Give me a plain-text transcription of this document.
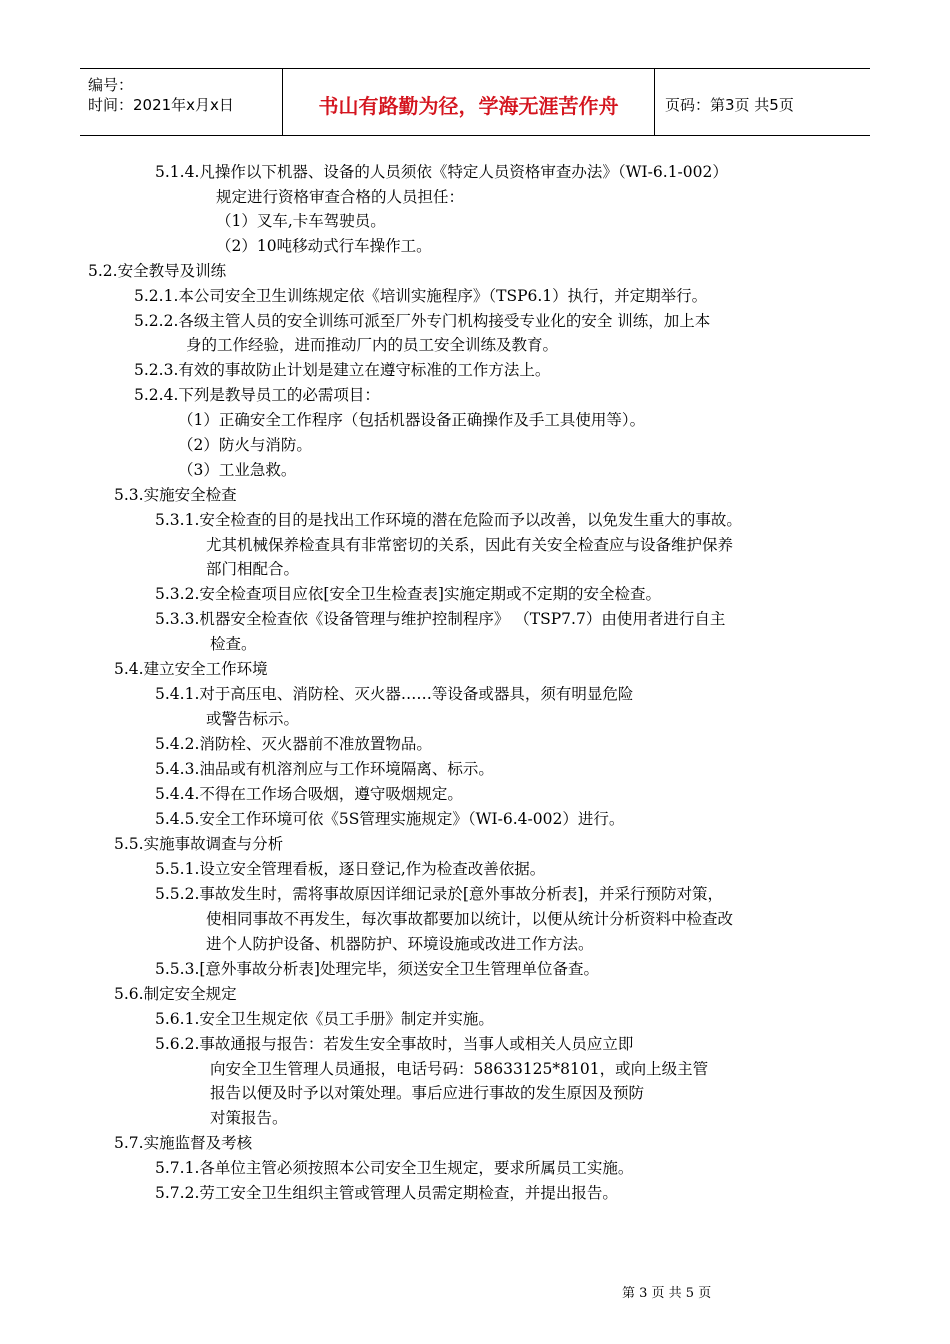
编号：
时间：2021年x月x日	书山有路勤为径，学海无涯苦作舟	页码：第3页 共5页
5.1.4.凡操作以下机器、设备的人员须依《特定人员资格审查办法》（WI-6.1-002）
规定进行资格审查合格的人员担任：
（1）叉车,卡车驾驶员。
（2）10吨移动式行车操作工。
5.2.安全教导及训练
5.2.1.本公司安全卫生训练规定依《培训实施程序》（TSP6.1）执行，并定期举行。
5.2.2.各级主管人员的安全训练可派至厂外专门机构接受专业化的安全 训练，加上本
身的工作经验，进而推动厂内的员工安全训练及教育。
5.2.3.有效的事故防止计划是建立在遵守标准的工作方法上。
5.2.4.下列是教导员工的必需项目：
（1）正确安全工作程序（包括机器设备正确操作及手工具使用等）。
（2）防火与消防。
（3）工业急救。
5.3.实施安全检查
5.3.1.安全检查的目的是找出工作环境的潜在危险而予以改善，以免发生重大的事故。
尤其机械保养检查具有非常密切的关系，因此有关安全检查应与设备维护保养
部门相配合。
5.3.2.安全检查项目应依[安全卫生检查表]实施定期或不定期的安全检查。
5.3.3.机器安全检查依《设备管理与维护控制程序》 （TSP7.7）由使用者进行自主
检查。
5.4.建立安全工作环境
5.4.1.对于高压电、消防栓、灭火器……等设备或器具，须有明显危险
或警告标示。
5.4.2.消防栓、灭火器前不准放置物品。
5.4.3.油品或有机溶剂应与工作环境隔离、标示。
5.4.4.不得在工作场合吸烟，遵守吸烟规定。
5.4.5.安全工作环境可依《5S管理实施规定》（WI-6.4-002）进行。
5.5.实施事故调查与分析
5.5.1.设立安全管理看板，逐日登记,作为检查改善依据。
5.5.2.事故发生时，需将事故原因详细记录於[意外事故分析表]，并采行预防对策，
使相同事故不再发生，每次事故都要加以统计，以便从统计分析资料中检查改
进个人防护设备、机器防护、环境设施或改进工作方法。
5.5.3.[意外事故分析表]处理完毕，须送安全卫生管理单位备查。
5.6.制定安全规定
5.6.1.安全卫生规定依《员工手册》制定并实施。
5.6.2.事故通报与报告：若发生安全事故时，当事人或相关人员应立即
向安全卫生管理人员通报，电话号码：58633125*8101，或向上级主管
报告以便及时予以对策处理。事后应进行事故的发生原因及预防
对策报告。
5.7.实施监督及考核
5.7.1.各单位主管必须按照本公司安全卫生规定，要求所属员工实施。
5.7.2.劳工安全卫生组织主管或管理人员需定期检查，并提出报告。
第 3 页 共 5 页
